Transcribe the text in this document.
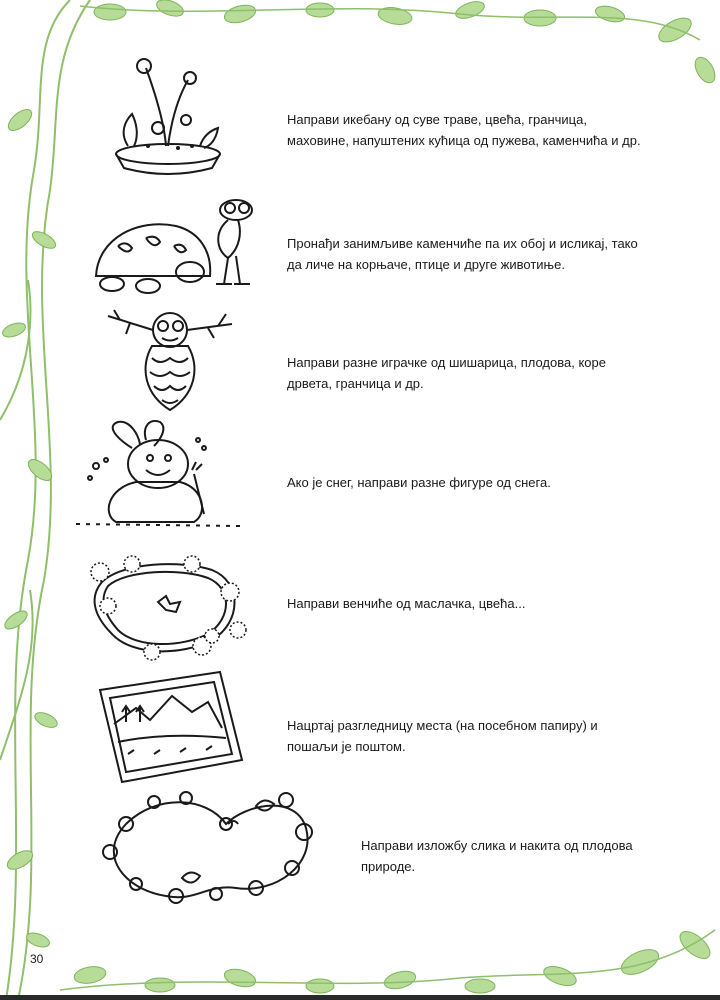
Направи икебану од суве траве, цвећа, гранчица,
маховине, напуштених кућица од пужева, каменчића и др.

Пронађи занимљиве каменчиће па их обој и исликај, тако
да личе на корњаче, птице и друге животиње.

Направи разне играчке од шишарица, плодова, коре
дрвета, гранчица и др.

Ако је снег, направи разне фигуре од снега.

Направи венчиће од маслачка, цвећа...

Нацртај разгледницу места (на посебном папиру) и
пошаљи је поштом.

Направи изложбу слика и накита од плодова
природе.

30
